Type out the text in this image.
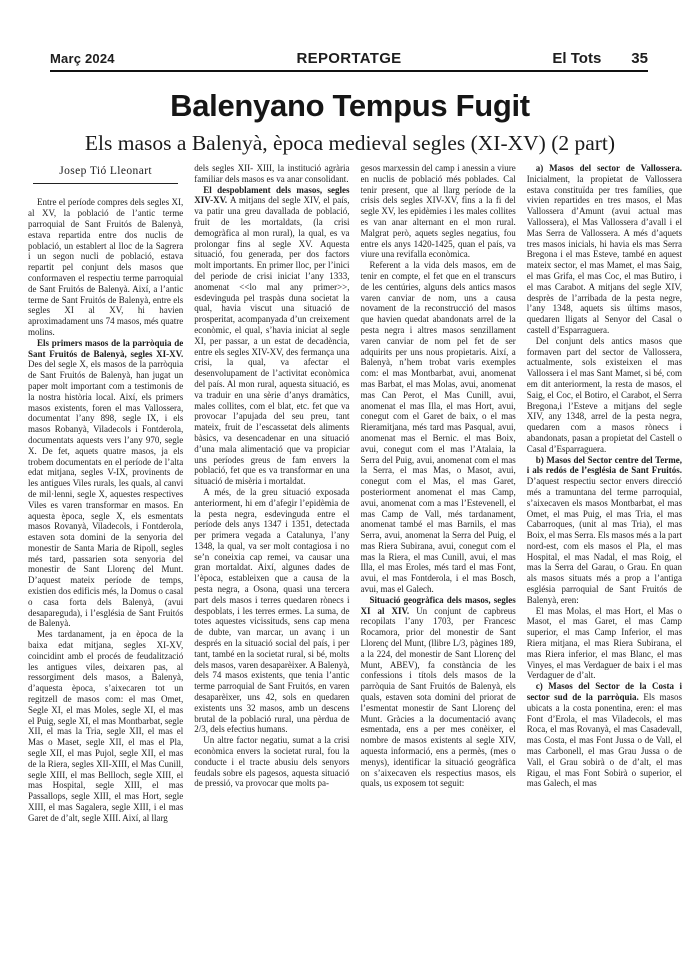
Març 2024	REPORTATGE	El Tots 35
Balenyano Tempus Fugit
Els masos a Balenyà, època medieval segles (XI-XV) (2 part)
Josep Tió Lleonart

Entre el període compres dels segles XI, al XV, la població de l’antic terme parroquial de Sant Fruitós de Balenyà, estava repartida entre dos nuclis de població, un establert al lloc de la Sagrera i un segon nucli de població, estava repartit pel conjunt dels masos que conformaven el respectiu terme parroquial de Sant Fruitós de Balenyà. Així, a l’antic terme de Sant Fruitós de Balenyà, entre els segles XI al XV, hi havien aproximadament uns 74 masos, més quatre molins.

Els primers masos de la parròquia de Sant Fruitós de Balenyà, segles XI-XV. Des del segle X, els masos de la parròquia de Sant Fruitós de Balenyà, han jugat un paper molt important com a testimonis de la nostra història local. Així, els primers masos existents, foren el mas Vallossera, documentat l’any 898, segle IX, i els masos Robanyà, Viladecols i Fontderola, documentats aquests vers l’any 970, segle X. De fet, aquets quatre masos, ja els trobem documentats en el període de l’alta edat mitjana, segles V-IX, provinents de les antigues Viles rurals, les quals, al canvi de mil·lenni, segle X, aquestes respectives Viles es varen transformar en masos. En aquesta època, segle X, els esmentats masos Rovanyà, Viladecols, i Fontderola, estaven sota domini de la senyoria del monestir de Santa Maria de Ripoll, segles més tard, passarien sota senyoria del monestir de Sant Llorenç del Munt. D’aquest mateix període de temps, existien dos edificis més, la Domus o casal o casa forta dels Balenyà, (avui desapareguda), i l’església de Sant Fruitós de Balenyà.

Mes tardanament, ja en època de la baixa edat mitjana, segles XI-XV, coincidint amb el procés de feudalització les antigues viles, deixaren pas, al ressorgiment dels masos, a Balenyà, d’aquesta època, s’aixecaren tot un regitzell de masos com: el mas Omet, Segle XI, el mas Moles, segle XI, el mas el Puig, segle XI, el mas Montbarbat, segle XII, el mas la Tria, segle XII, el mas el Mas o Maset, segle XII, el mas el Pla, segle XII, el mas Pujol, segle XII, el mas de la Riera, segles XII-XIII, el Mas Cunill, segle XIII, el mas Bellloch, segle XIII, el mas Hospital, segle XIII, el mas Passallops, segle XIII, el mas Hort, segle XIII, el mas Sagalera, segle XIII, i el mas Garet de d’alt, segle XIII. Així, al llarg

dels segles XII- XIII, la institució agrària familiar dels masos es va anar consolidant.

El despoblament dels masos, segles XIV-XV. A mitjans del segle XIV, el país, va patir una greu davallada de població, fruit de les mortaldats, (la crisi demogràfica al mon rural), la qual, es va prolongar fins al segle XV. Aquesta situació, fou generada, per dos factors molt importants. En primer lloc, per l’inici del periode de crisi iniciat l’any 1333, anomenat <<lo mal any primer>>, esdevinguda pel traspàs duna societat la qual, havia viscut una situació de prosperitat, acompanyada d’un creixement econòmic, el qual, s’havia iniciat al segle XI, per passar, a un estat de decadència, entre els segles XIV-XV, des fermança una crisi, la qual, va afectar el desenvolupament de l’activitat econòmica del país. Al mon rural, aquesta situació, es va traduir en una sèrie d’anys dramàtics, males collites, com el blat, etc. fet que va provocar l’apujada del seu preu, tant mateix, fruit de l’escassetat dels aliments bàsics, va desencadenar en una situació d’una mala alimentació que va propiciar uns períodes greus de fam envers la població, fet que es va transformar en una situació de misèria i mortaldat.

A més, de la greu situació exposada anteriorment, hi em d’afegir l’epidèmia de la pesta negra, esdevinguda entre el període dels anys 1347 i 1351, detectada per primera vegada a Catalunya, l’any 1348, la qual, va ser molt contagiosa i no se’n coneixia cap remei, va causar una gran mortaldat. Així, algunes dades de l’època, estableixen que a causa de la pesta negra, a Osona, quasi una tercera part dels masos i terres quedaren rònecs i despoblats, i les terres ermes. La suma, de totes aquestes vicissituds, sens cap mena de dubte, van marcar, un avanç i un després en la situació social del país, i per tant, també en la societat rural, si bé, molts dels masos, varen desaparèixer. A Balenyà, dels 74 masos existents, que tenia l’antic terme parroquial de Sant Fruitós, en varen desaparèixer, uns 42, sols en quedaren existents uns 32 masos, amb un descens brutal de la població rural, una pèrdua de 2/3, dels efectius humans.

Un altre factor negatiu, sumat a la crisi econòmica envers la societat rural, fou la conducte i el tracte abusiu dels senyors feudals sobre els pagesos, aquesta situació de pressió, va provocar que molts pa-

gesos marxessin del camp i anessin a viure en nuclis de població més poblades. Cal tenir present, que al llarg període de la crisis dels segles XIV-XV, fins a la fi del segle XV, les epidèmies i les males collites es van anar alternant en el mon rural. Malgrat però, aquets segles negatius, fou entre els anys 1420-1425, quan el país, va viure una revifalla econòmica.

Referent a la vida dels masos, em de tenir en compte, el fet que en el transcurs de les centúries, alguns dels antics masos varen canviar de nom, uns a causa novament de la reconstrucció del masos que havien quedat abandonats arrel de la pesta negra i altres masos senzillament varen canviar de nom pel fet de ser adquirits per uns nous propietaris. Així, a Balenyà, n’hem trobat varis exemples com: el mas Montbarbat, avui, anomenat mas Barbat, el mas Molas, avui, anomenat mas Can Perot, el Mas Cunill, avui, anomenat el mas Illa, el mas Hort, avui, conegut com el Garet de baix, o el mas Rieramitjana, més tard mas Pasqual, avui, anomenat mas el Bernic. el mas Boix, avui, conegut com el mas l’Atalaia, la Serra del Puig, avui, anomenat com el mas la Serra, el mas Mas, o Masot, avui, conegut com el Mas, el mas Garet, posteriorment anomenat el mas Camp, avui, anomenat com a mas l’Estevenell, el mas Camp de Vall, més tardanament, anomenat també el mas Barnils, el mas Serra, avui, anomenat la Serra del Puig, el mas Riera Subirana, avui, conegut com el mas la Riera, el mas Cunill, avui, el mas Illa, el mas Eroles, més tard el mas Font, avui, el mas Fontderola, i el mas Bosch, avui, mas el Galech.

Situació geogràfica dels masos, segles XI al XIV. Un conjunt de capbreus recopilats l’any 1703, per Francesc Rocamora, prior del monestir de Sant Llorenç del Munt, (llibre L/3, pàgines 189, a la 224, del monestir de Sant Llorenç del Munt, ABEV), fa constància de les confessions i títols dels masos de la parròquia de Sant Fruitós de Balenyà, els quals, estaven sota domini del priorat de l’esmentat monestir de Sant Llorenç del Munt. Gràcies a la documentació avanç esmentada, ens a per mes conèixer, el nombre de masos existents al segle XIV, aquesta informació, ens a permès, (mes o menys), identificar la situació geogràfica on s’aixecaven els respectius masos, els quals, us exposem tot seguit:

a) Masos del sector de Vallossera. Inicialment, la propietat de Vallossera estava constituïda per tres famílies, que vivien repartides en tres masos, el Mas Vallossera d’Amunt (avui actual mas Vallossera), el Mas Vallossera d’avall i el Mas Serra de Vallossera. A més d’aquets tres masos inicials, hi havia els mas Serra Bregona i el mas Esteve, també en aquest mateix sector, el mas Mamet, el mas Saig, el mas Grifa, el mas Coc, el mas Butiro, i el mas Carabot. A mitjans del segle XIV, desprès de l’arribada de la pesta negre, l’any 1348, aquets sis últims masos, quedaren lligats al Senyor del Casal o castell d’Esparraguera.

Del conjunt dels antics masos que formaven part del sector de Vallossera, actualmente, sols existeixen el mas Vallossera i el mas Sant Mamet, si bé, com em dit anteriorment, la resta de masos, el Saig, el Coc, el Botiro, el Carabot, el Serra Bregona,i l’Esteve a mitjans del segle XIV, any 1348, arrel de la pesta negra, quedaren com a masos rònecs i abandonats, pasan a propietat del Castell o Casal d’Esparraguera.

b) Masos del Sector centre del Terme, i als redós de l’església de Sant Fruitós. D’aquest respectiu sector envers direcció més a tramuntana del terme parroquial, s’aixecaven els masos Montbarbat, el mas Omet, el mas Puig, el mas Tria, el mas Cabarroques, (unit al mas Tria), el mas Boix, el mas Serra. Els masos més a la part nord-est, com els masos el Pla, el mas Hospital, el mas Nadal, el mas Roig, el mas la Serra del Garau, o Grau. En quan als masos situats més a prop a l’antiga església parroquial de Sant Fruitós de Balenyà, eren:

El mas Molas, el mas Hort, el Mas o Masot, el mas Garet, el mas Camp superior, el mas Camp Inferior, el mas Riera mitjana, el mas Riera Subirana, el mas Riera inferior, el mas Blanc, el mas Vinyes, el mas Verdaguer de baix i el mas Verdaguer de d’alt.

c) Masos del Sector de la Costa i sector sud de la parròquia. Els masos ubicats a la costa ponentina, eren: el mas Font d’Erola, el mas Viladecols, el mas Roca, el mas Rovanyà, el mas Casadevall, mas Costa, el mas Font Jussa o de Vall, el mas Carbonell, el mas Grau Jussa o de Vall, el Grau sobirà o de d’alt, el mas Rigau, el mas Font Sobirà o superior, el mas Galech, el mas
